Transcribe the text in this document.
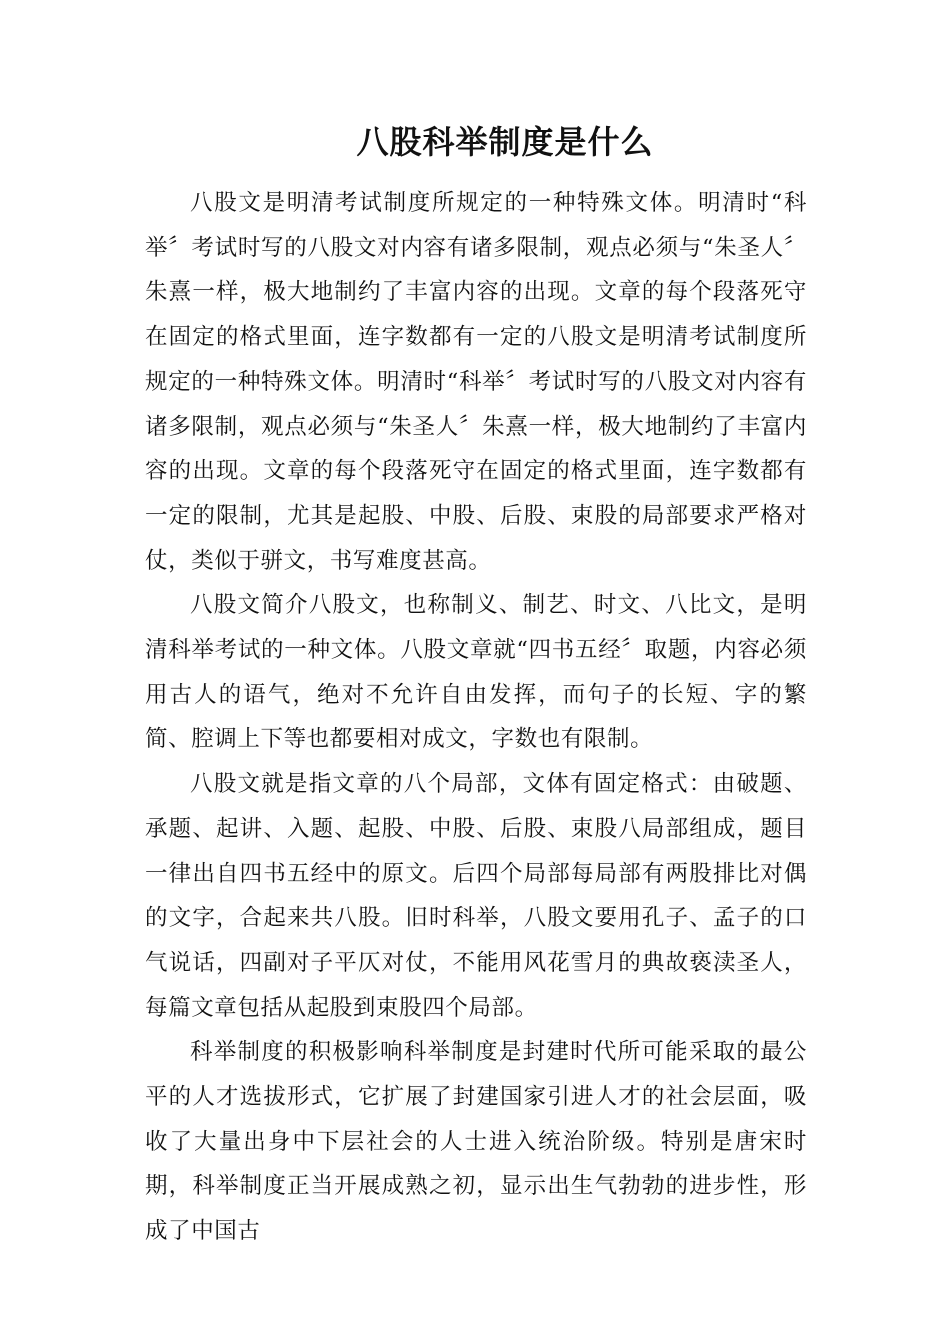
八股科举制度是什么

八股文是明清考试制度所规定的一种特殊文体。明清时“科举〞考试时写的八股文对内容有诸多限制，观点必须与“朱圣人〞朱熹一样，极大地制约了丰富内容的出现。文章的每个段落死守在固定的格式里面，连字数都有一定的八股文是明清考试制度所规定的一种特殊文体。明清时“科举〞考试时写的八股文对内容有诸多限制，观点必须与“朱圣人〞朱熹一样，极大地制约了丰富内容的出现。文章的每个段落死守在固定的格式里面，连字数都有一定的限制，尤其是起股、中股、后股、束股的局部要求严格对仗，类似于骈文，书写难度甚高。

八股文简介八股文，也称制义、制艺、时文、八比文，是明清科举考试的一种文体。八股文章就“四书五经〞取题，内容必须用古人的语气，绝对不允许自由发挥，而句子的长短、字的繁简、腔调上下等也都要相对成文，字数也有限制。

八股文就是指文章的八个局部，文体有固定格式：由破题、承题、起讲、入题、起股、中股、后股、束股八局部组成，题目一律出自四书五经中的原文。后四个局部每局部有两股排比对偶的文字，合起来共八股。旧时科举，八股文要用孔子、孟子的口气说话，四副对子平仄对仗，不能用风花雪月的典故亵渎圣人，每篇文章包括从起股到束股四个局部。

科举制度的积极影响科举制度是封建时代所可能采取的最公平的人才选拔形式，它扩展了封建国家引进人才的社会层面，吸收了大量出身中下层社会的人士进入统治阶级。特别是唐宋时期，科举制度正当开展成熟之初，显示出生气勃勃的进步性，形成了中国古
